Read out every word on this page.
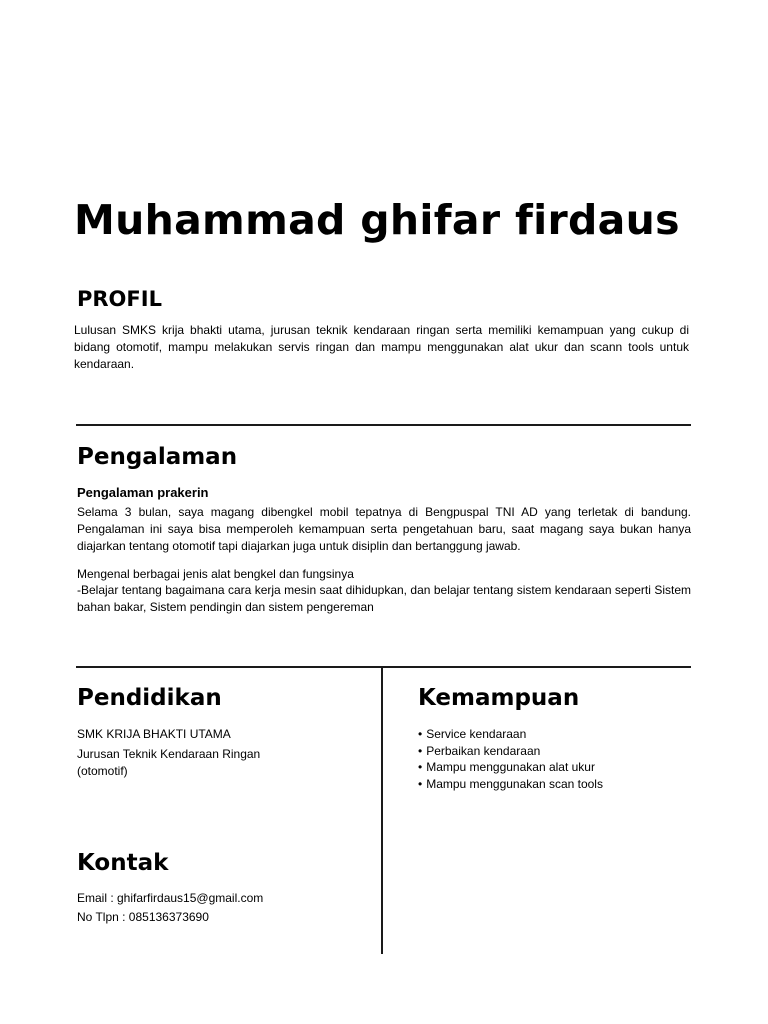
Muhammad ghifar firdaus
PROFIL
Lulusan SMKS krija bhakti utama, jurusan teknik kendaraan ringan serta memiliki kemampuan yang cukup di bidang otomotif, mampu melakukan servis ringan dan mampu menggunakan alat ukur dan scann tools untuk kendaraan.
Pengalaman
Pengalaman prakerin
Selama 3 bulan, saya magang dibengkel mobil tepatnya di Bengpuspal TNI AD yang terletak di bandung. Pengalaman ini saya bisa memperoleh kemampuan serta pengetahuan baru, saat magang saya bukan hanya diajarkan tentang otomotif tapi diajarkan juga untuk disiplin dan bertanggung jawab.
Mengenal berbagai jenis alat bengkel dan fungsinya
-Belajar tentang bagaimana cara kerja mesin saat dihidupkan, dan belajar tentang sistem kendaraan seperti Sistem bahan bakar, Sistem pendingin dan sistem pengereman
Pendidikan
SMK KRIJA BHAKTI UTAMA
Jurusan Teknik Kendaraan Ringan
(otomotif)
Kemampuan
• Service kendaraan
• Perbaikan kendaraan
• Mampu menggunakan alat ukur
• Mampu menggunakan scan tools
Kontak
Email : ghifarfirdaus15@gmail.com
No Tlpn : 085136373690
